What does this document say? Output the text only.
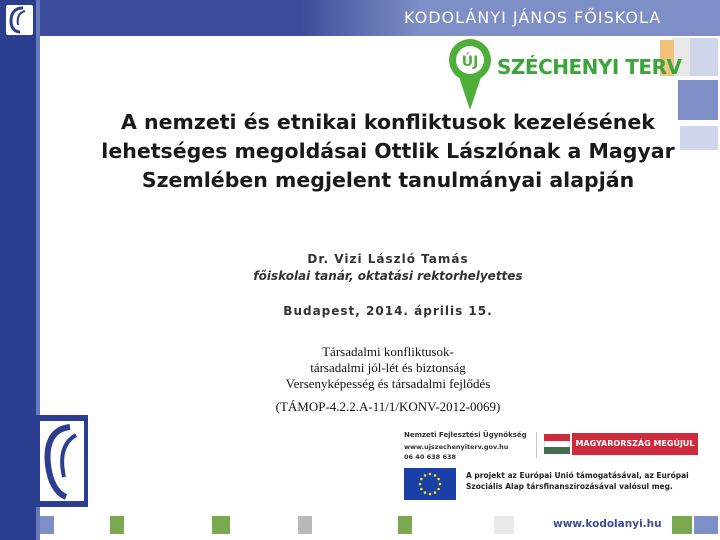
KODOLÁNYI JÁNOS FŐISKOLA
ÚJ SZÉCHENYI TERV
A nemzeti és etnikai konfliktusok kezelésének lehetséges megoldásai Ottlik Lászlónak a Magyar Szemlében megjelent tanulmányai alapján
Dr. Vizi László Tamás
főiskolai tanár, oktatási rektorhelyettes
Budapest, 2014. április 15.
Társadalmi konfliktusok-
társadalmi jól-lét és biztonság
Versenyképesség és társadalmi fejlődés
(TÁMOP-4.2.2.A-11/1/KONV-2012-0069)
Nemzeti Fejlesztési Ügynökség
www.ujszechenyiterv.gov.hu
06 40 638 638
MAGYARORSZÁG MEGÚJUL
A projekt az Európai Unió támogatásával, az Európai Szociális Alap társfinanszírozásával valósul meg.
www.kodolanyi.hu
